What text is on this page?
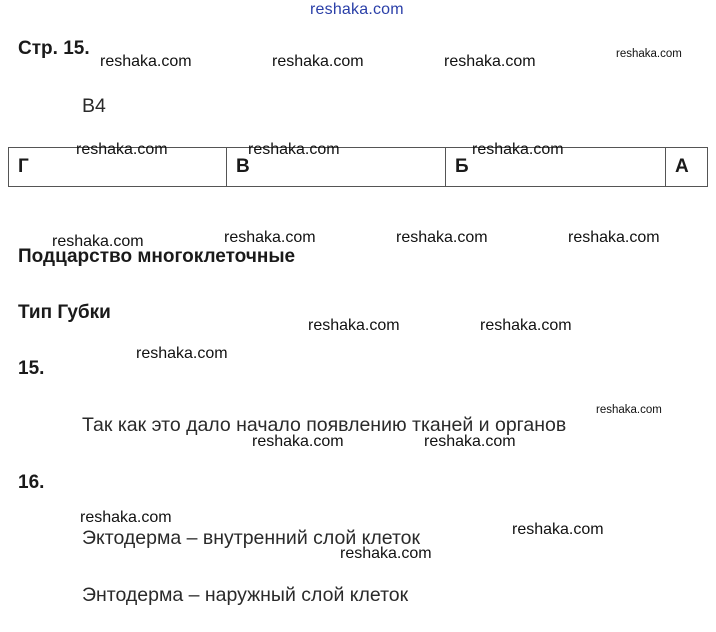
reshaka.com
Стр. 15.
В4
Г	В	Б	А
Подцарство многоклеточные
Тип Губки
15.
Так как это дало начало появлению тканей и органов
16.
Эктодерма – внутренний слой клеток
Энтодерма – наружный слой клеток
reshaka.com	reshaka.com	reshaka.com	reshaka.com
reshaka.com	reshaka.com	reshaka.com
reshaka.com	reshaka.com	reshaka.com	reshaka.com
reshaka.com	reshaka.com
reshaka.com
reshaka.com
reshaka.com	reshaka.com
reshaka.com
reshaka.com
reshaka.com
